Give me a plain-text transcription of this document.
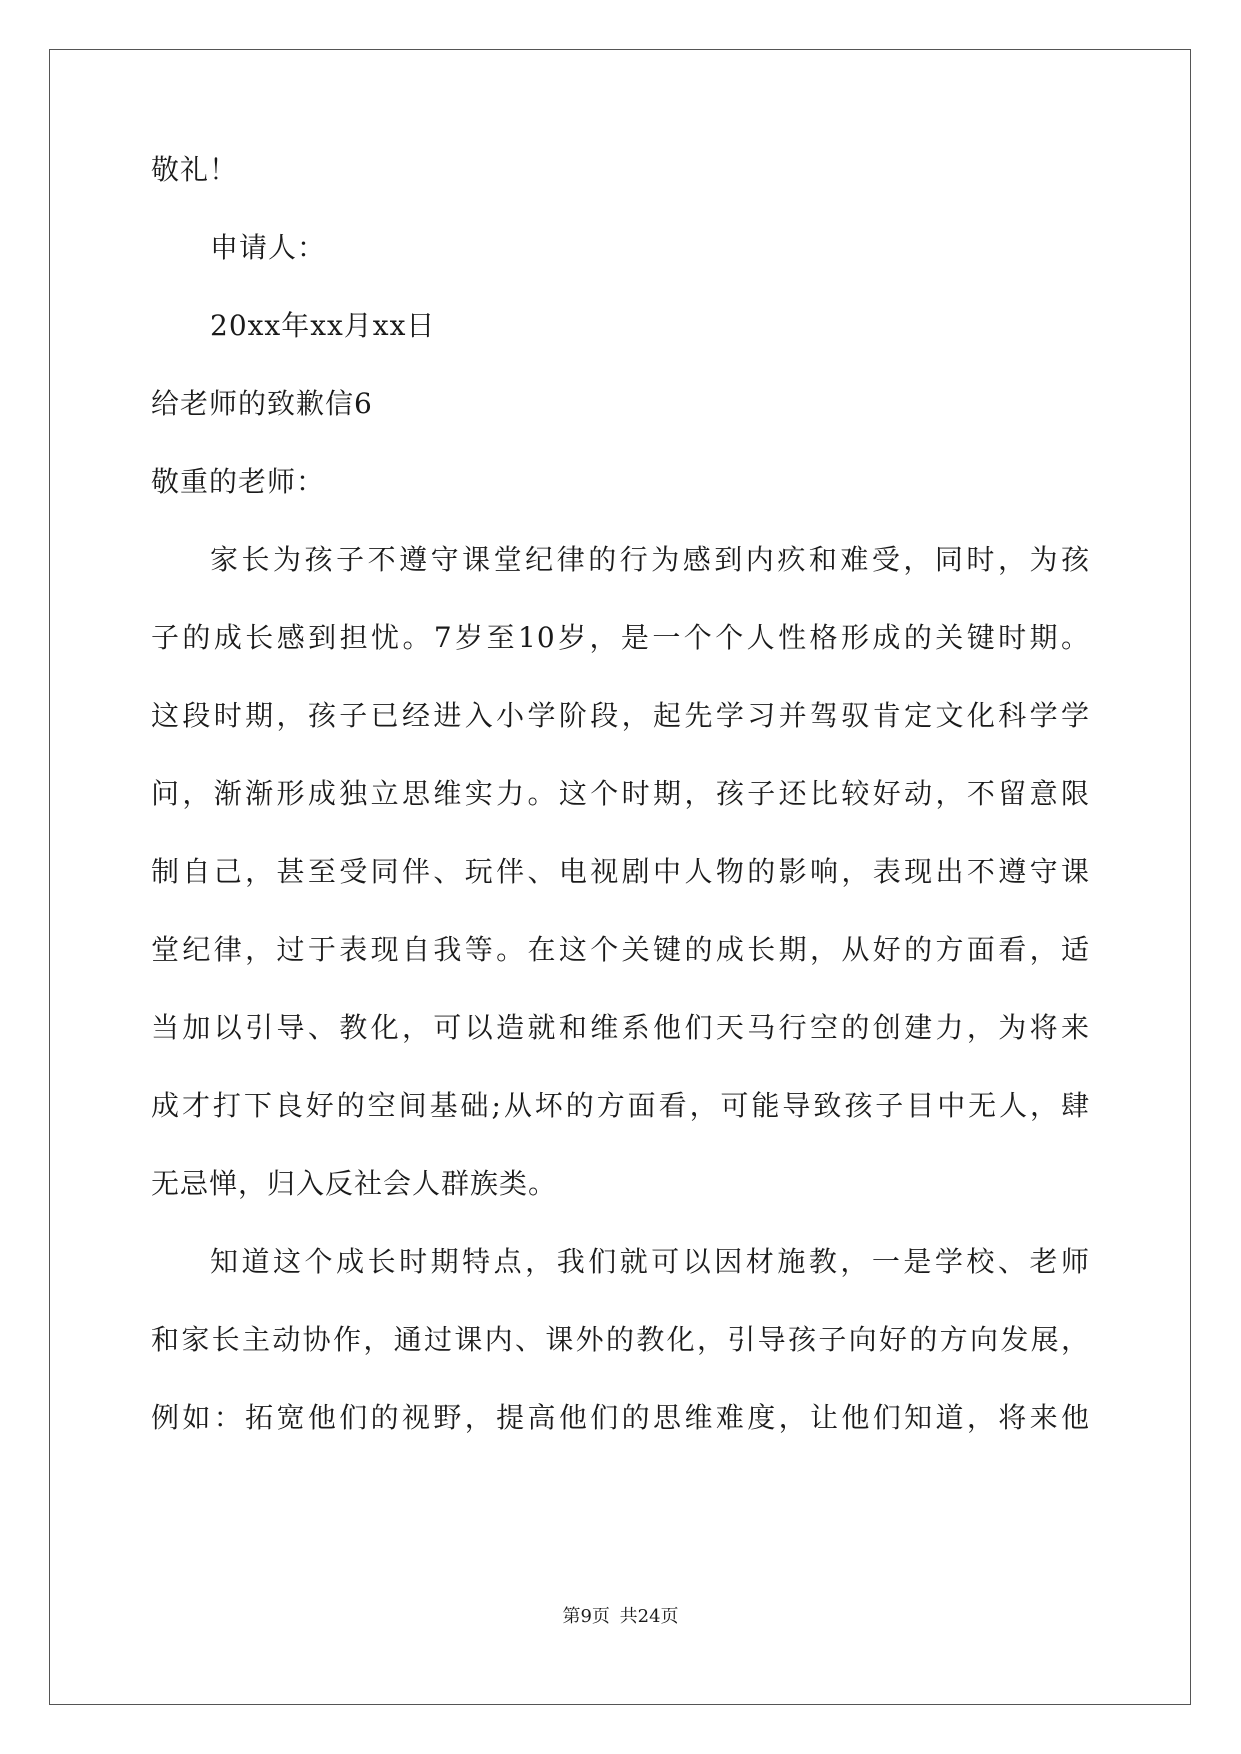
敬礼！
申请人：
20xx年xx月xx日
给老师的致歉信6
敬重的老师：
家长为孩子不遵守课堂纪律的行为感到内疚和难受，同时，为孩
子的成长感到担忧。7岁至10岁，是一个个人性格形成的关键时期。
这段时期，孩子已经进入小学阶段，起先学习并驾驭肯定文化科学学
问，渐渐形成独立思维实力。这个时期，孩子还比较好动，不留意限
制自己，甚至受同伴、玩伴、电视剧中人物的影响，表现出不遵守课
堂纪律，过于表现自我等。在这个关键的成长期，从好的方面看，适
当加以引导、教化，可以造就和维系他们天马行空的创建力，为将来
成才打下良好的空间基础;从坏的方面看，可能导致孩子目中无人，肆
无忌惮，归入反社会人群族类。
知道这个成长时期特点，我们就可以因材施教，一是学校、老师
和家长主动协作，通过课内、课外的教化，引导孩子向好的方向发展，
例如：拓宽他们的视野，提高他们的思维难度，让他们知道，将来他
第9页 共24页
